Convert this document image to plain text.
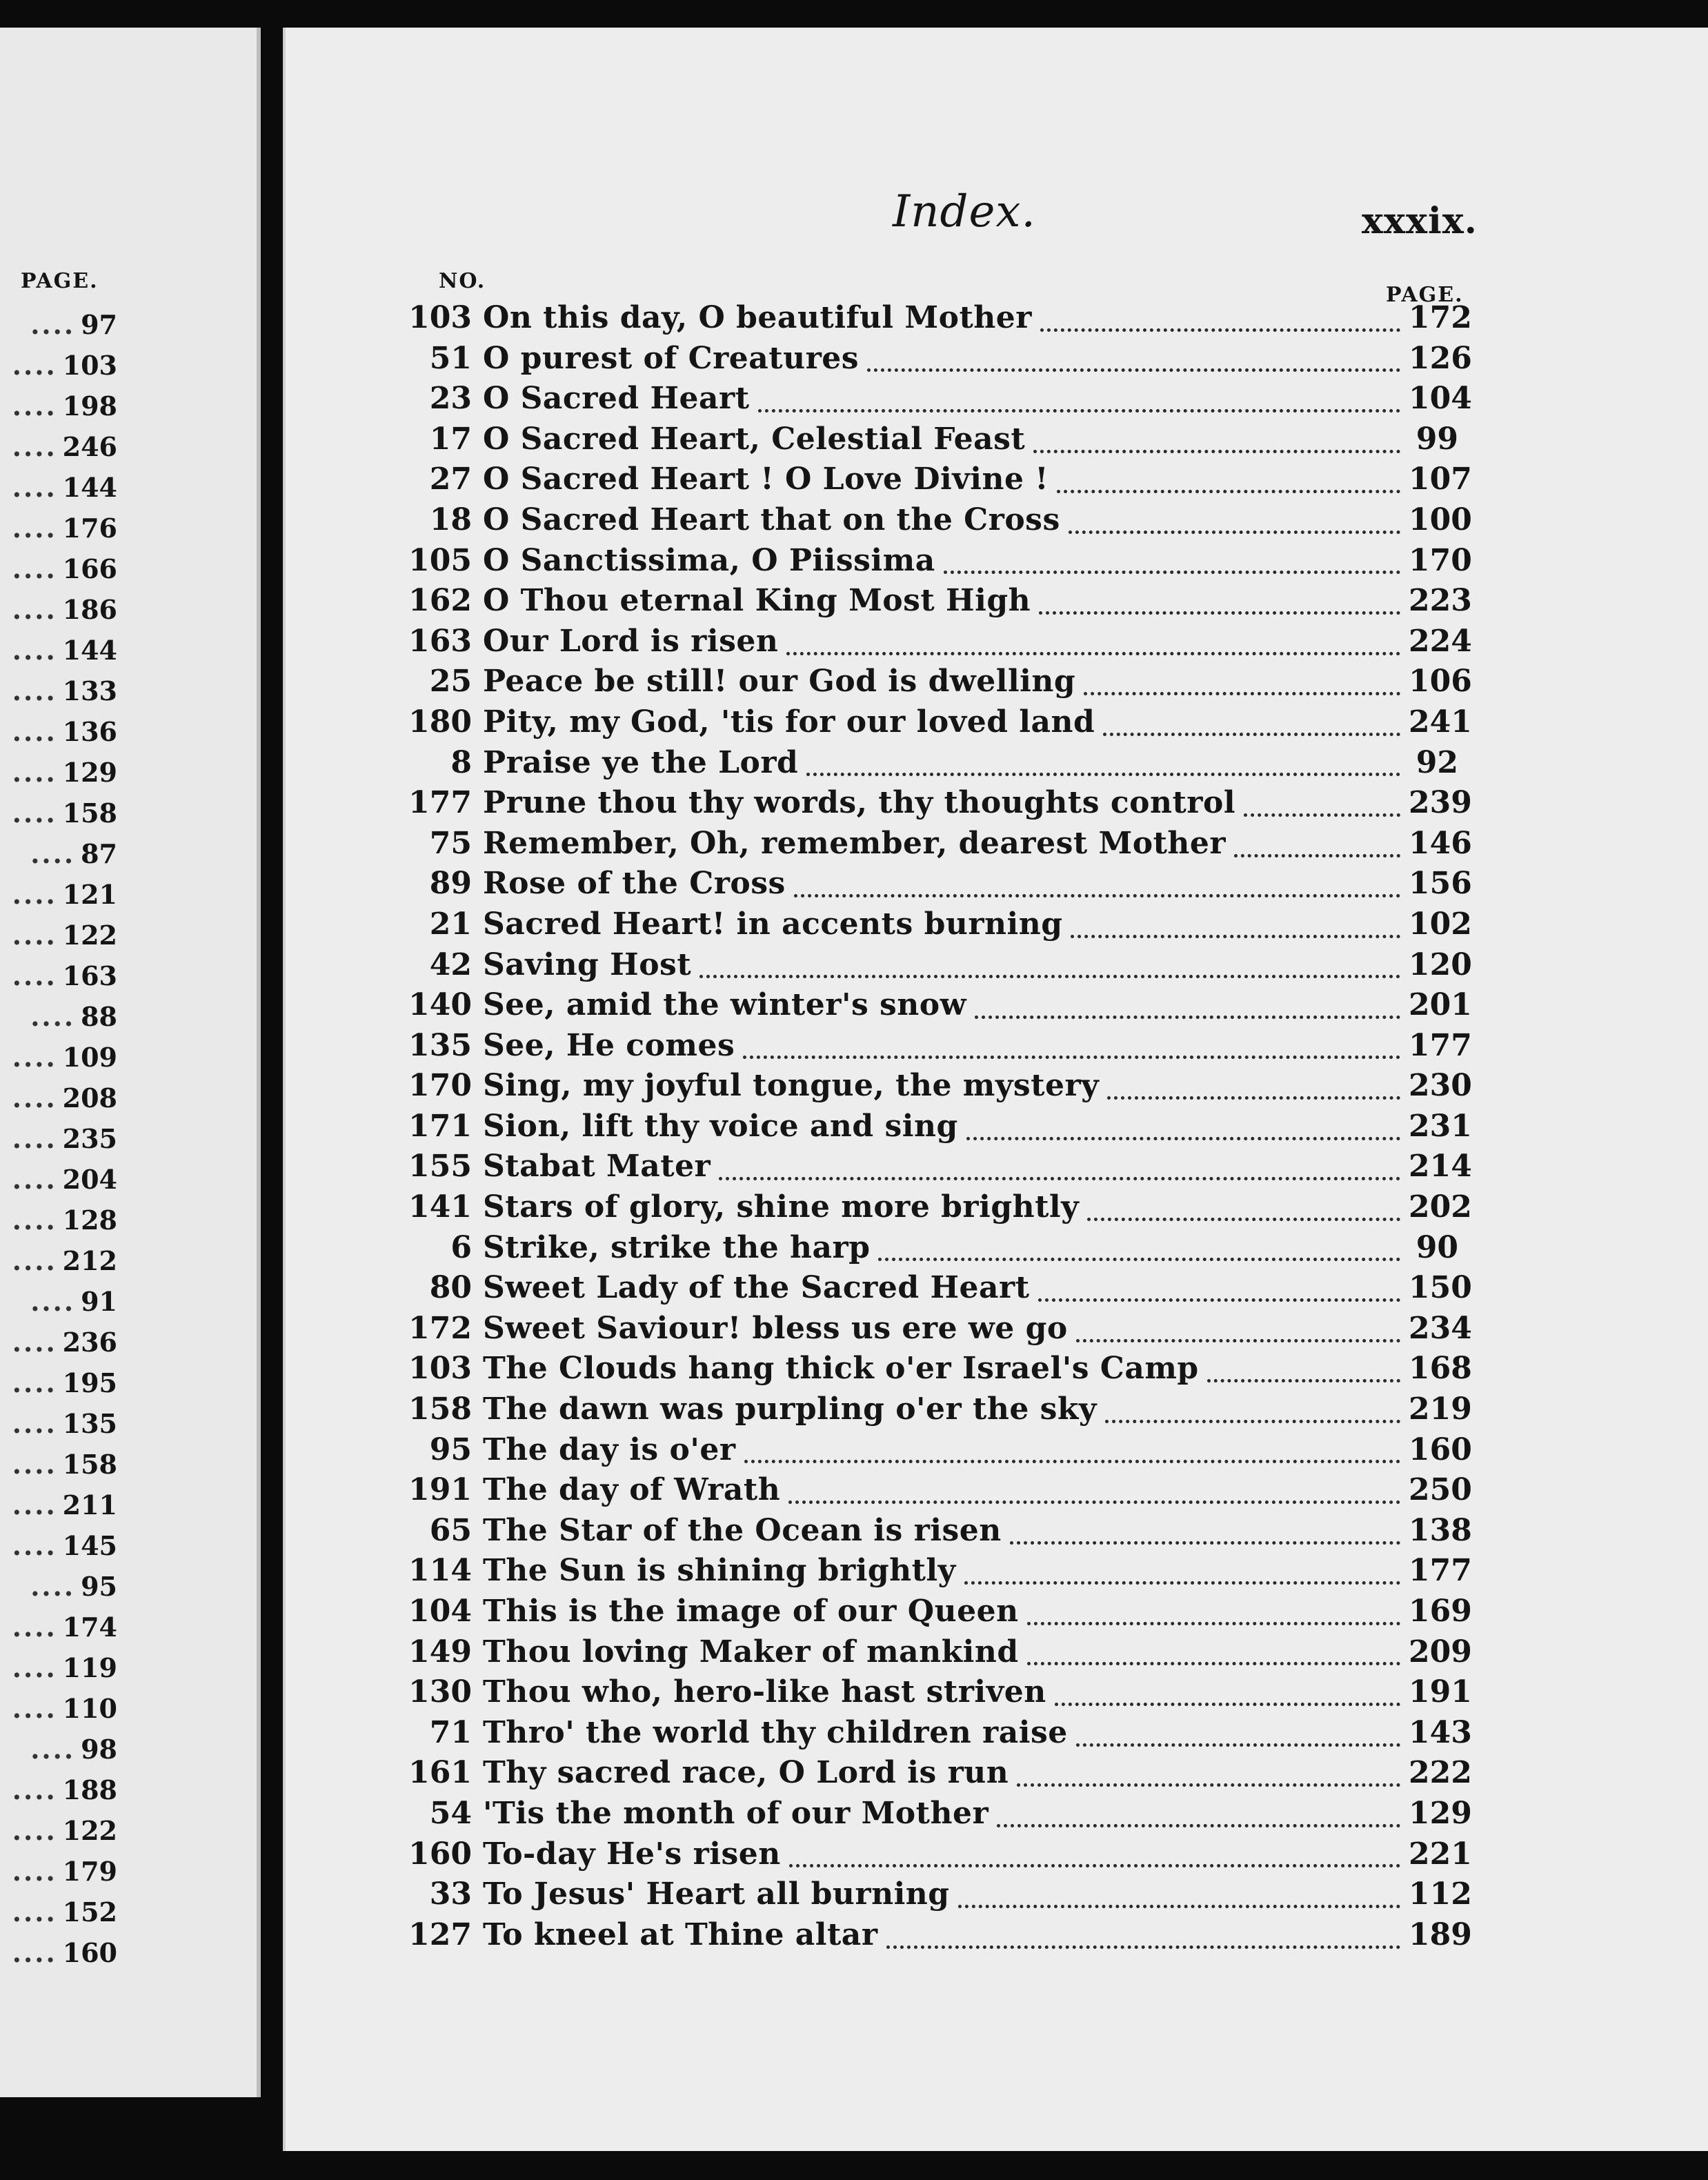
PAGE.
.... 97
.... 103
.... 198
.... 246
.... 144
.... 176
.... 166
.... 186
.... 144
.... 133
.... 136
.... 129
.... 158
.... 87
.... 121
.... 122
.... 163
.... 88
.... 109
.... 208
.... 235
.... 204
.... 128
.... 212
.... 91
.... 236
.... 195
.... 135
.... 158
.... 211
.... 145
.... 95
.... 174
.... 119
.... 110
.... 98
.... 188
.... 122
.... 179
.... 152
.... 160
Index.	xxxix.
NO.
PAGE.
103 On this day, O beautiful Mother	172
51 O purest of Creatures	126
23 O Sacred Heart	104
17 O Sacred Heart, Celestial Feast	99
27 O Sacred Heart ! O Love Divine !	107
18 O Sacred Heart that on the Cross	100
105 O Sanctissima, O Piissima	170
162 O Thou eternal King Most High	223
163 Our Lord is risen	224
25 Peace be still! our God is dwelling	106
180 Pity, my God, 'tis for our loved land	241
8 Praise ye the Lord	92
177 Prune thou thy words, thy thoughts control	239
75 Remember, Oh, remember, dearest Mother	146
89 Rose of the Cross	156
21 Sacred Heart! in accents burning	102
42 Saving Host	120
140 See, amid the winter's snow	201
135 See, He comes	177
170 Sing, my joyful tongue, the mystery	230
171 Sion, lift thy voice and sing	231
155 Stabat Mater	214
141 Stars of glory, shine more brightly	202
6 Strike, strike the harp	90
80 Sweet Lady of the Sacred Heart	150
172 Sweet Saviour! bless us ere we go	234
103 The Clouds hang thick o'er Israel's Camp	168
158 The dawn was purpling o'er the sky	219
95 The day is o'er	160
191 The day of Wrath	250
65 The Star of the Ocean is risen	138
114 The Sun is shining brightly	177
104 This is the image of our Queen	169
149 Thou loving Maker of mankind	209
130 Thou who, hero-like hast striven	191
71 Thro' the world thy children raise	143
161 Thy sacred race, O Lord is run	222
54 'Tis the month of our Mother	129
160 To-day He's risen	221
33 To Jesus' Heart all burning	112
127 To kneel at Thine altar	189
